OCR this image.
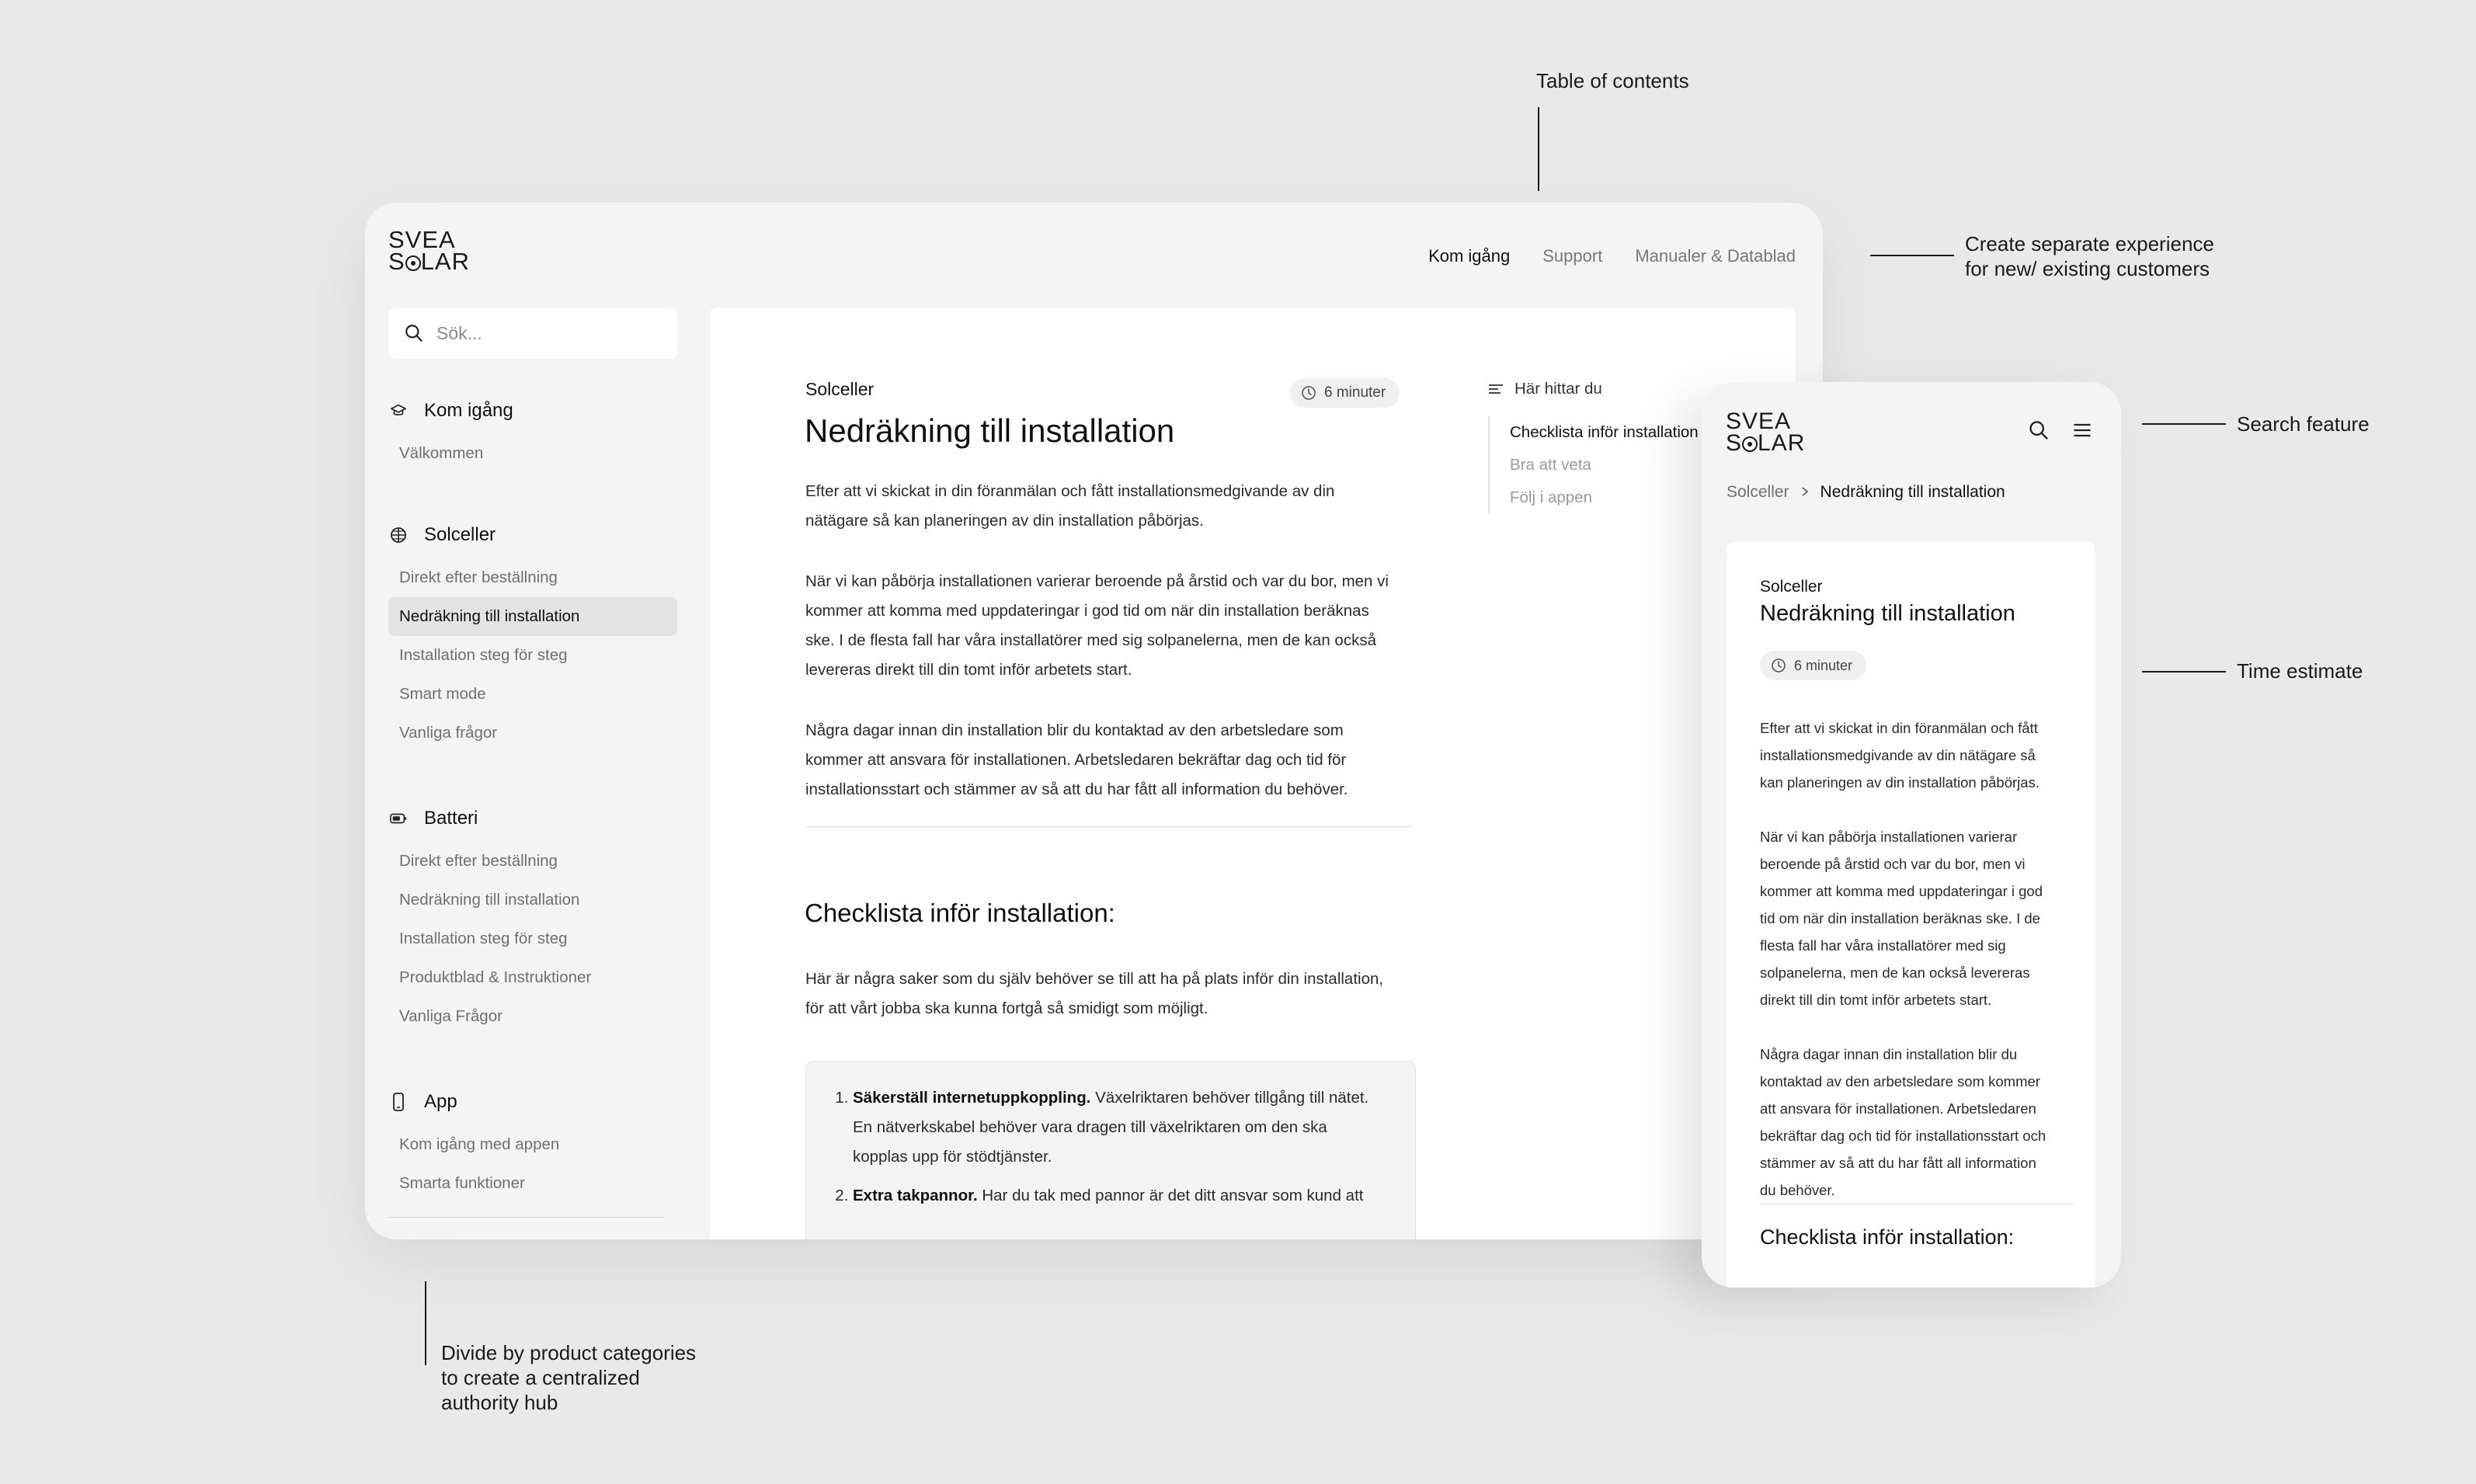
Table of contents
Create separate experience
for new/ existing customers
Search feature
Time estimate
Divide by product categories
to create a centralized
authority hub
SVEA
S LAR	Kom igång Support Manualer & Datablad
Sök...
Kom igång
Välkommen
Solceller
Direkt efter beställning
Nedräkning till installation
Installation steg för steg
Smart mode
Vanliga frågor
Batteri
Direkt efter beställning
Nedräkning till installation
Installation steg för steg
Produktblad & Instruktioner
Vanliga Frågor
App
Kom igång med appen
Smarta funktioner
Solceller	6 minuter
Nedräkning till installation
Efter att vi skickat in din föranmälan och fått installationsmedgivande av din
nätägare så kan planeringen av din installation påbörjas.
När vi kan påbörja installationen varierar beroende på årstid och var du bor, men vi
kommer att komma med uppdateringar i god tid om när din installation beräknas
ske. I de flesta fall har våra installatörer med sig solpanelerna, men de kan också
levereras direkt till din tomt inför arbetets start.
Några dagar innan din installation blir du kontaktad av den arbetsledare som
kommer att ansvara för installationen. Arbetsledaren bekräftar dag och tid för
installationsstart och stämmer av så att du har fått all information du behöver.
Checklista inför installation:
Här är några saker som du själv behöver se till att ha på plats inför din installation,
för att vårt jobba ska kunna fortgå så smidigt som möjligt.
1. Säkerställ internetuppkoppling. Växelriktaren behöver tillgång till nätet.
En nätverkskabel behöver vara dragen till växelriktaren om den ska
kopplas upp för stödtjänster.
2. Extra takpannor. Har du tak med pannor är det ditt ansvar som kund att
Här hittar du
Checklista inför installation
Bra att veta
Följ i appen
SVEA
S LAR
Solceller Nedräkning till installation
Solceller
Nedräkning till installation
6 minuter
Efter att vi skickat in din föranmälan och fått
installationsmedgivande av din nätägare så
kan planeringen av din installation påbörjas.
När vi kan påbörja installationen varierar
beroende på årstid och var du bor, men vi
kommer att komma med uppdateringar i god
tid om när din installation beräknas ske. I de
flesta fall har våra installatörer med sig
solpanelerna, men de kan också levereras
direkt till din tomt inför arbetets start.
Några dagar innan din installation blir du
kontaktad av den arbetsledare som kommer
att ansvara för installationen. Arbetsledaren
bekräftar dag och tid för installationsstart och
stämmer av så att du har fått all information
du behöver.
Checklista inför installation:
